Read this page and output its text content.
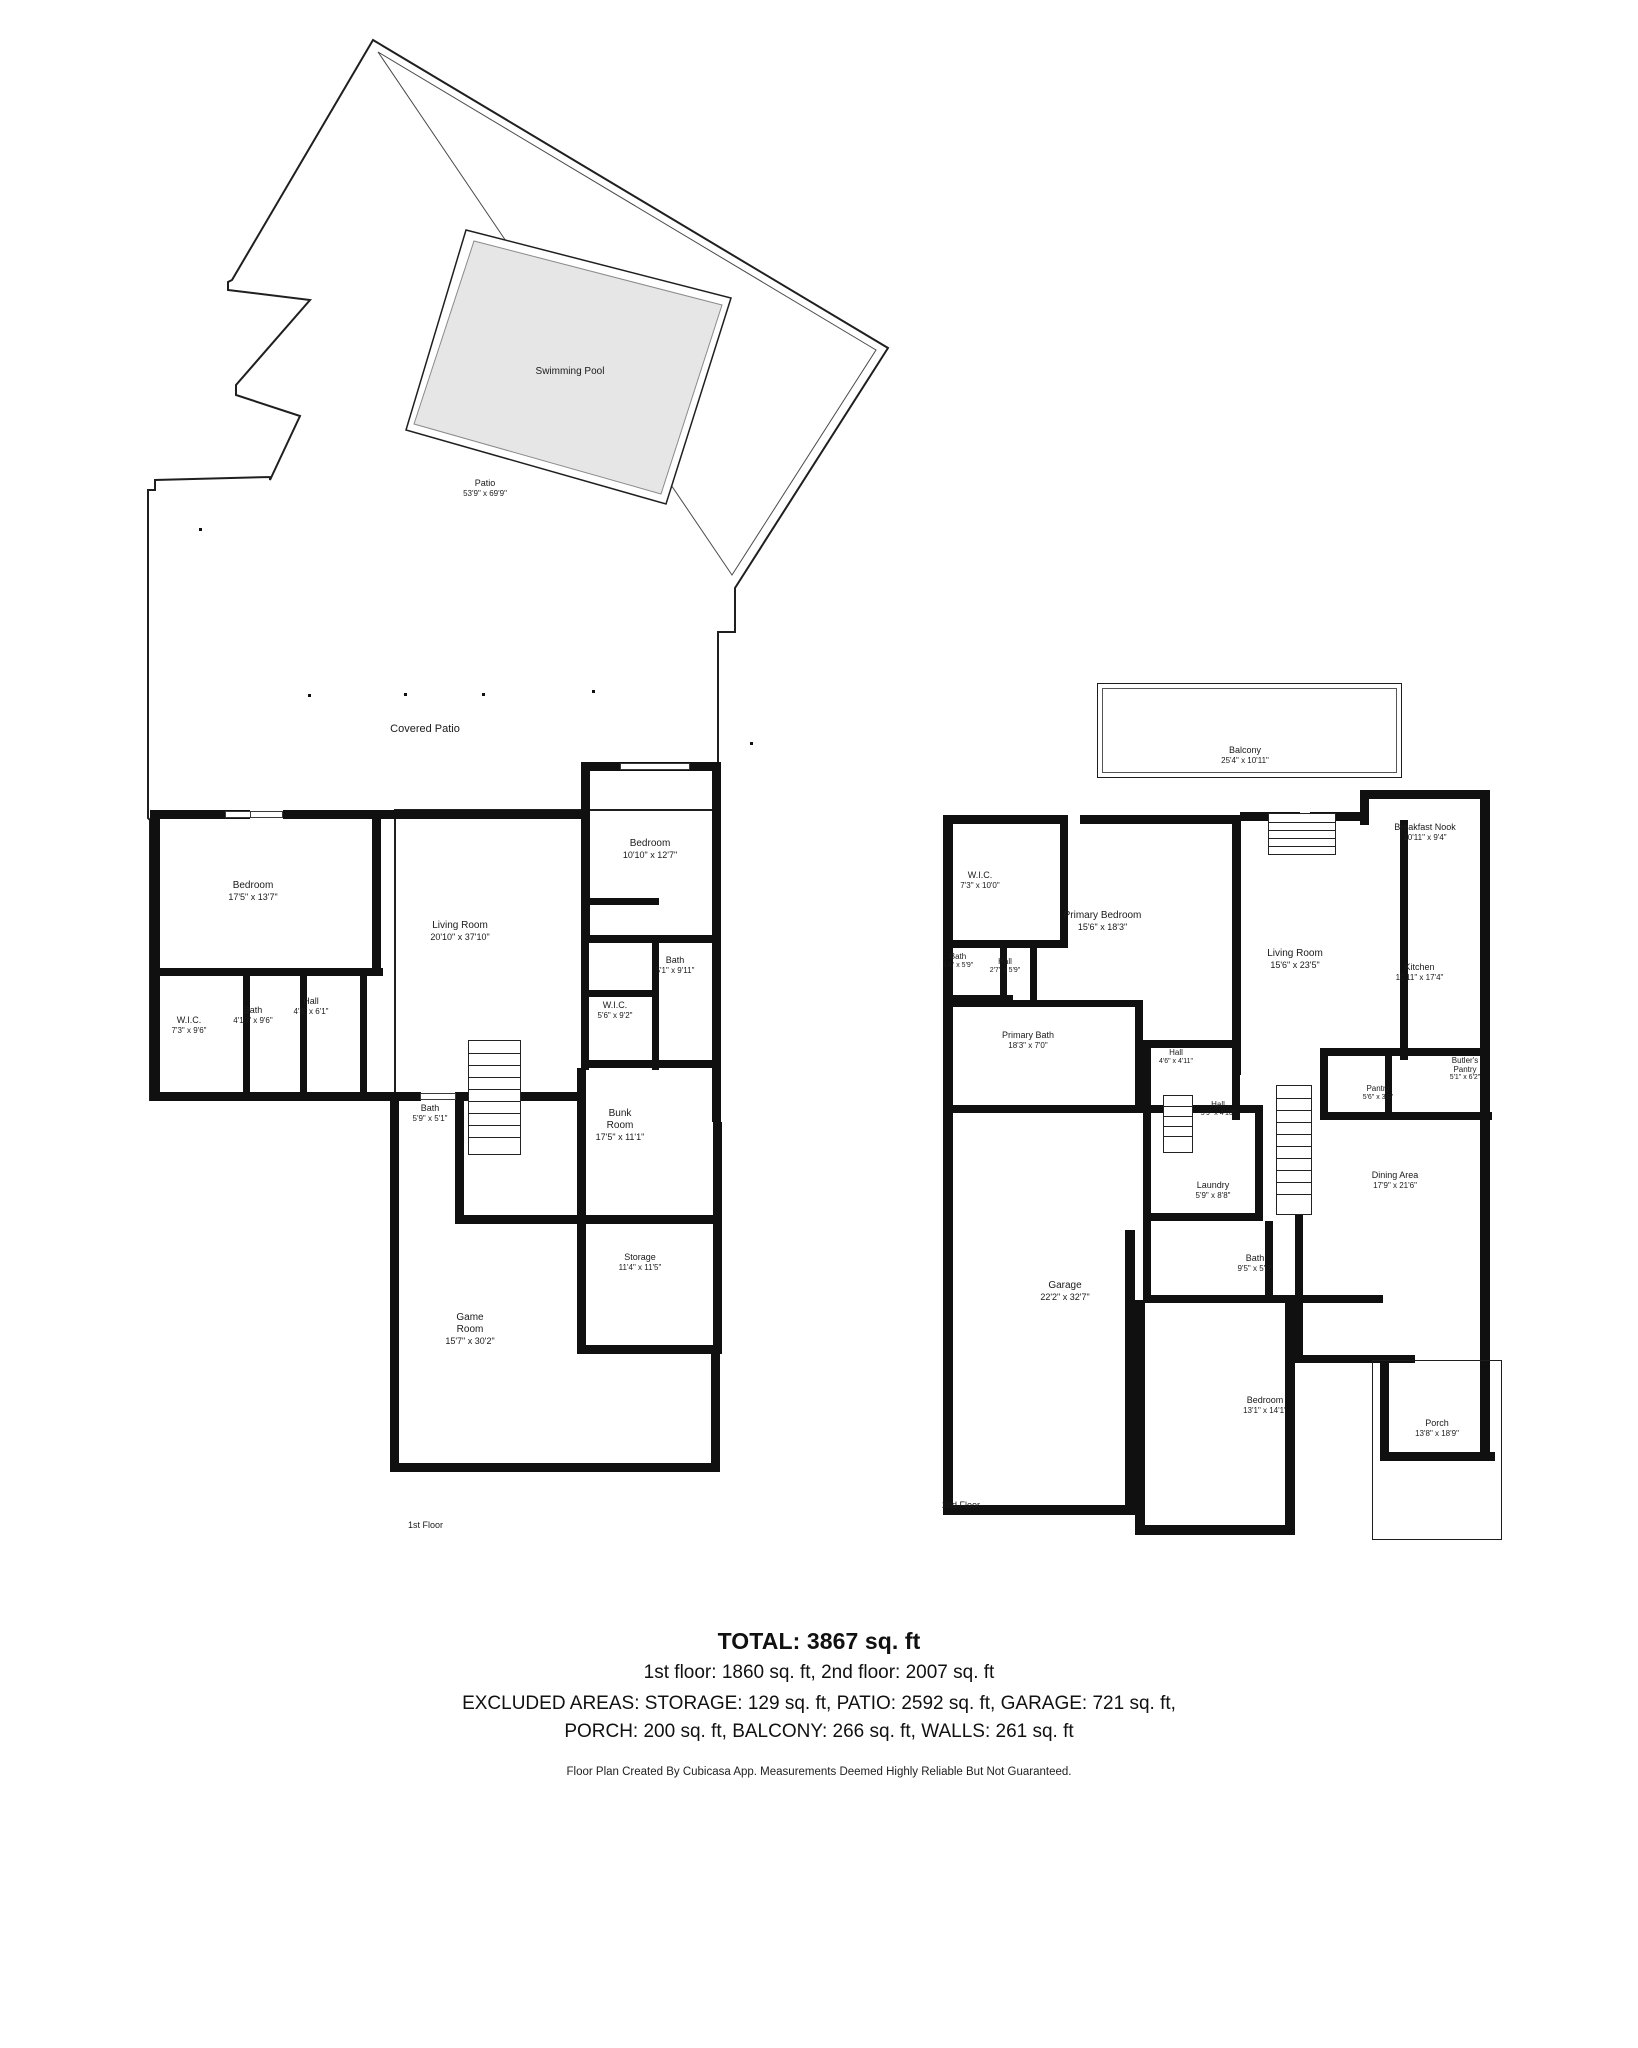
Swimming Pool
Patio
53'9" x 69'9"
Covered Patio
Bedroom
17'5" x 13'7"
Living Room
20'10" x 37'10"
Bedroom
10'10" x 12'7"
Bath
5'1" x 9'11"
W.I.C.
5'6" x 9'2"
W.I.C.
7'3" x 9'6"
Bath
4'10" x 9'6"
Hall
4'8" x 6'1"
Bath
5'9" x 5'1"	Bunk
Room
17'5" x 11'1"
Storage
11'4" x 11'5"
Game
Room
15'7" x 30'2"
1st Floor
Balcony
25'4" x 10'11"
W.I.C.
7'3" x 10'0"
Primary Bedroom
15'6" x 18'3"
Breakfast Nook
10'11" x 9'4"
Living Room
15'6" x 23'5"	Kitchen
10'11" x 17'4"
Bath
4'4" x 5'9"	Hall
2'7" x 5'9"
Primary Bath
18'3" x 7'0"
Hall
4'6" x 4'11"	Butler's
Pantry
5'1" x 6'2"
Pantry
5'6" x 3'8"
Hall
5'9" x 4'10"
Laundry
5'9" x 8'8"
Dining Area
17'9" x 21'6"
Bath
9'5" x 5'0"
Garage
22'2" x 32'7"
Bedroom
13'1" x 14'1"
Porch
13'8" x 18'9"
2nd Floor
TOTAL: 3867 sq. ft
1st floor: 1860 sq. ft, 2nd floor: 2007 sq. ft
EXCLUDED AREAS: STORAGE: 129 sq. ft, PATIO: 2592 sq. ft, GARAGE: 721 sq. ft,
PORCH: 200 sq. ft, BALCONY: 266 sq. ft, WALLS: 261 sq. ft
Floor Plan Created By Cubicasa App. Measurements Deemed Highly Reliable But Not Guaranteed.
